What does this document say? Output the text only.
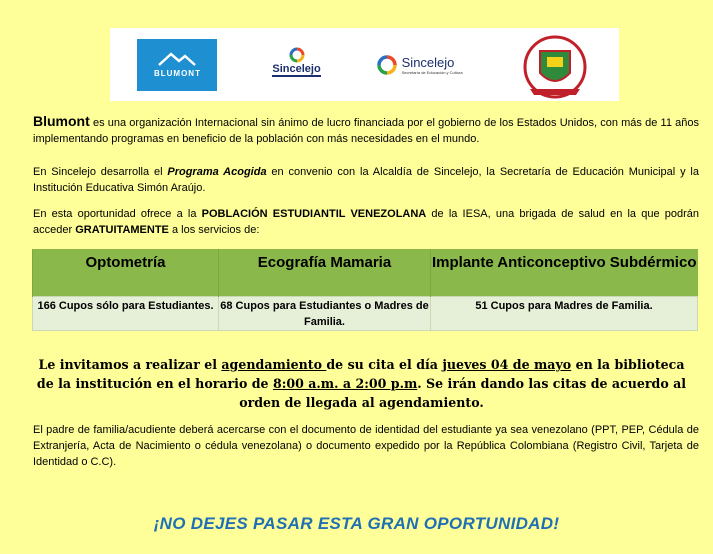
BLUMONT	Sincelejo
	Sincelejo
Secretaría de Educación y Cultura

Blumont es una organización Internacional sin ánimo de lucro financiada por el gobierno de los Estados Unidos, con más de 11 años implementando programas en beneficio de la población con más necesidades en el mundo.

En Sincelejo desarrolla el Programa Acogida en convenio con la Alcaldía de Sincelejo, la Secretaría de Educación Municipal y la Institución Educativa Simón Araújo.

En esta oportunidad ofrece a la POBLACIÓN ESTUDIANTIL VENEZOLANA de la IESA, una brigada de salud en la que podrán acceder GRATUITAMENTE a los servicios de:

Optometría	Ecografía Mamaria	Implante Anticonceptivo Subdérmico
166 Cupos sólo para Estudiantes.	68 Cupos para Estudiantes o Madres de Familia.	51 Cupos para Madres de Familia.

Le invitamos a realizar el agendamiento de su cita el día jueves 04 de mayo en la biblioteca de la institución en el horario de 8:00 a.m. a 2:00 p.m. Se irán dando las citas de acuerdo al orden de llegada al agendamiento.

El padre de familia/acudiente deberá acercarse con el documento de identidad del estudiante ya sea venezolano (PPT, PEP, Cédula de Extranjería, Acta de Nacimiento o cédula venezolana) o documento expedido por la República Colombiana (Registro Civil, Tarjeta de Identidad o C.C).

¡NO DEJES PASAR ESTA GRAN OPORTUNIDAD!
